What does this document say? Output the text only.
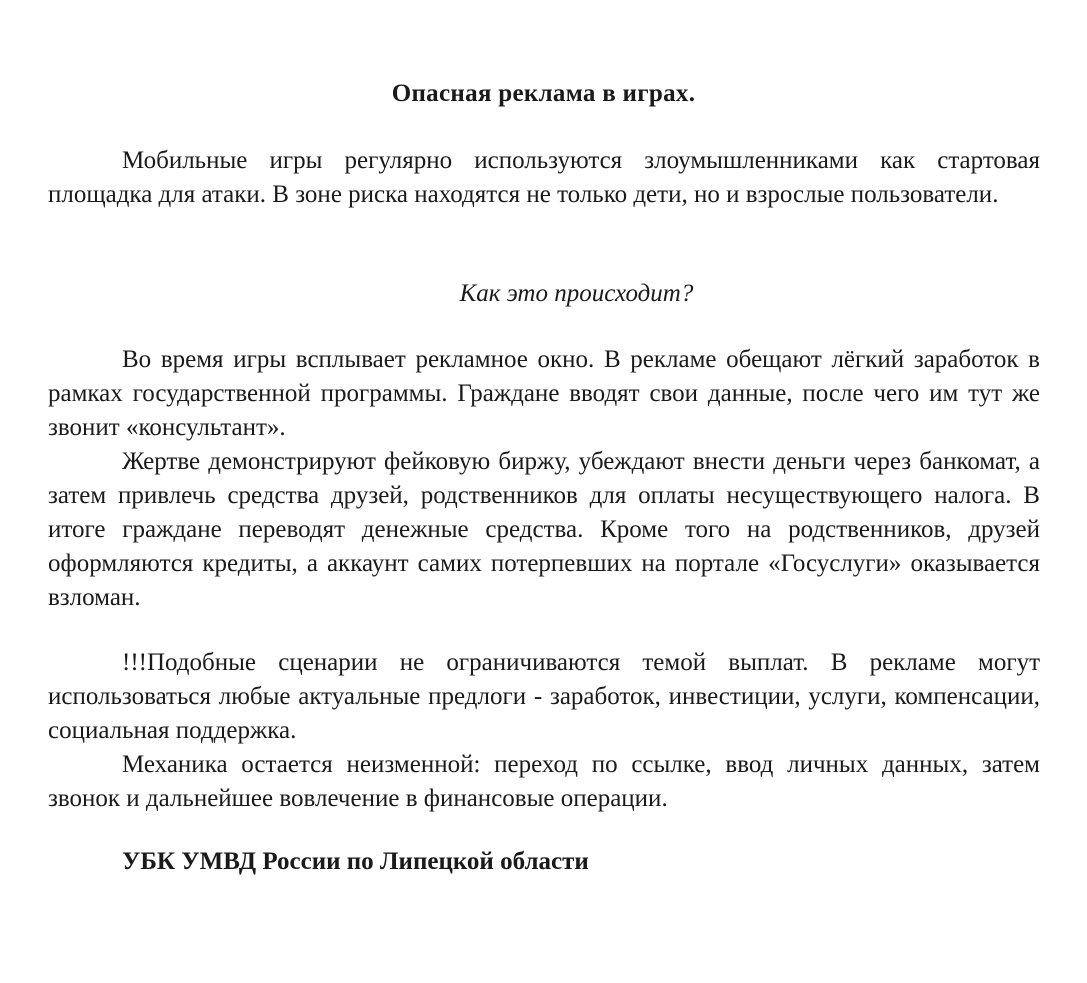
Опасная реклама в играх.

Мобильные игры регулярно используются злоумышленниками как стартовая площадка для атаки. В зоне риска находятся не только дети, но и взрослые пользователи.

Как это происходит?

Во время игры всплывает рекламное окно. В рекламе обещают лёгкий заработок в рамках государственной программы. Граждане вводят свои данные, после чего им тут же звонит «консультант».

Жертве демонстрируют фейковую биржу, убеждают внести деньги через банкомат, а затем привлечь средства друзей, родственников для оплаты несуществующего налога. В итоге граждане переводят денежные средства. Кроме того на родственников, друзей оформляются кредиты, а аккаунт самих потерпевших на портале «Госуслуги» оказывается взломан.

!!!Подобные сценарии не ограничиваются темой выплат. В рекламе могут использоваться любые актуальные предлоги - заработок, инвестиции, услуги, компенсации, социальная поддержка.

Механика остается неизменной: переход по ссылке, ввод личных данных, затем звонок и дальнейшее вовлечение в финансовые операции.

УБК УМВД России по Липецкой области
